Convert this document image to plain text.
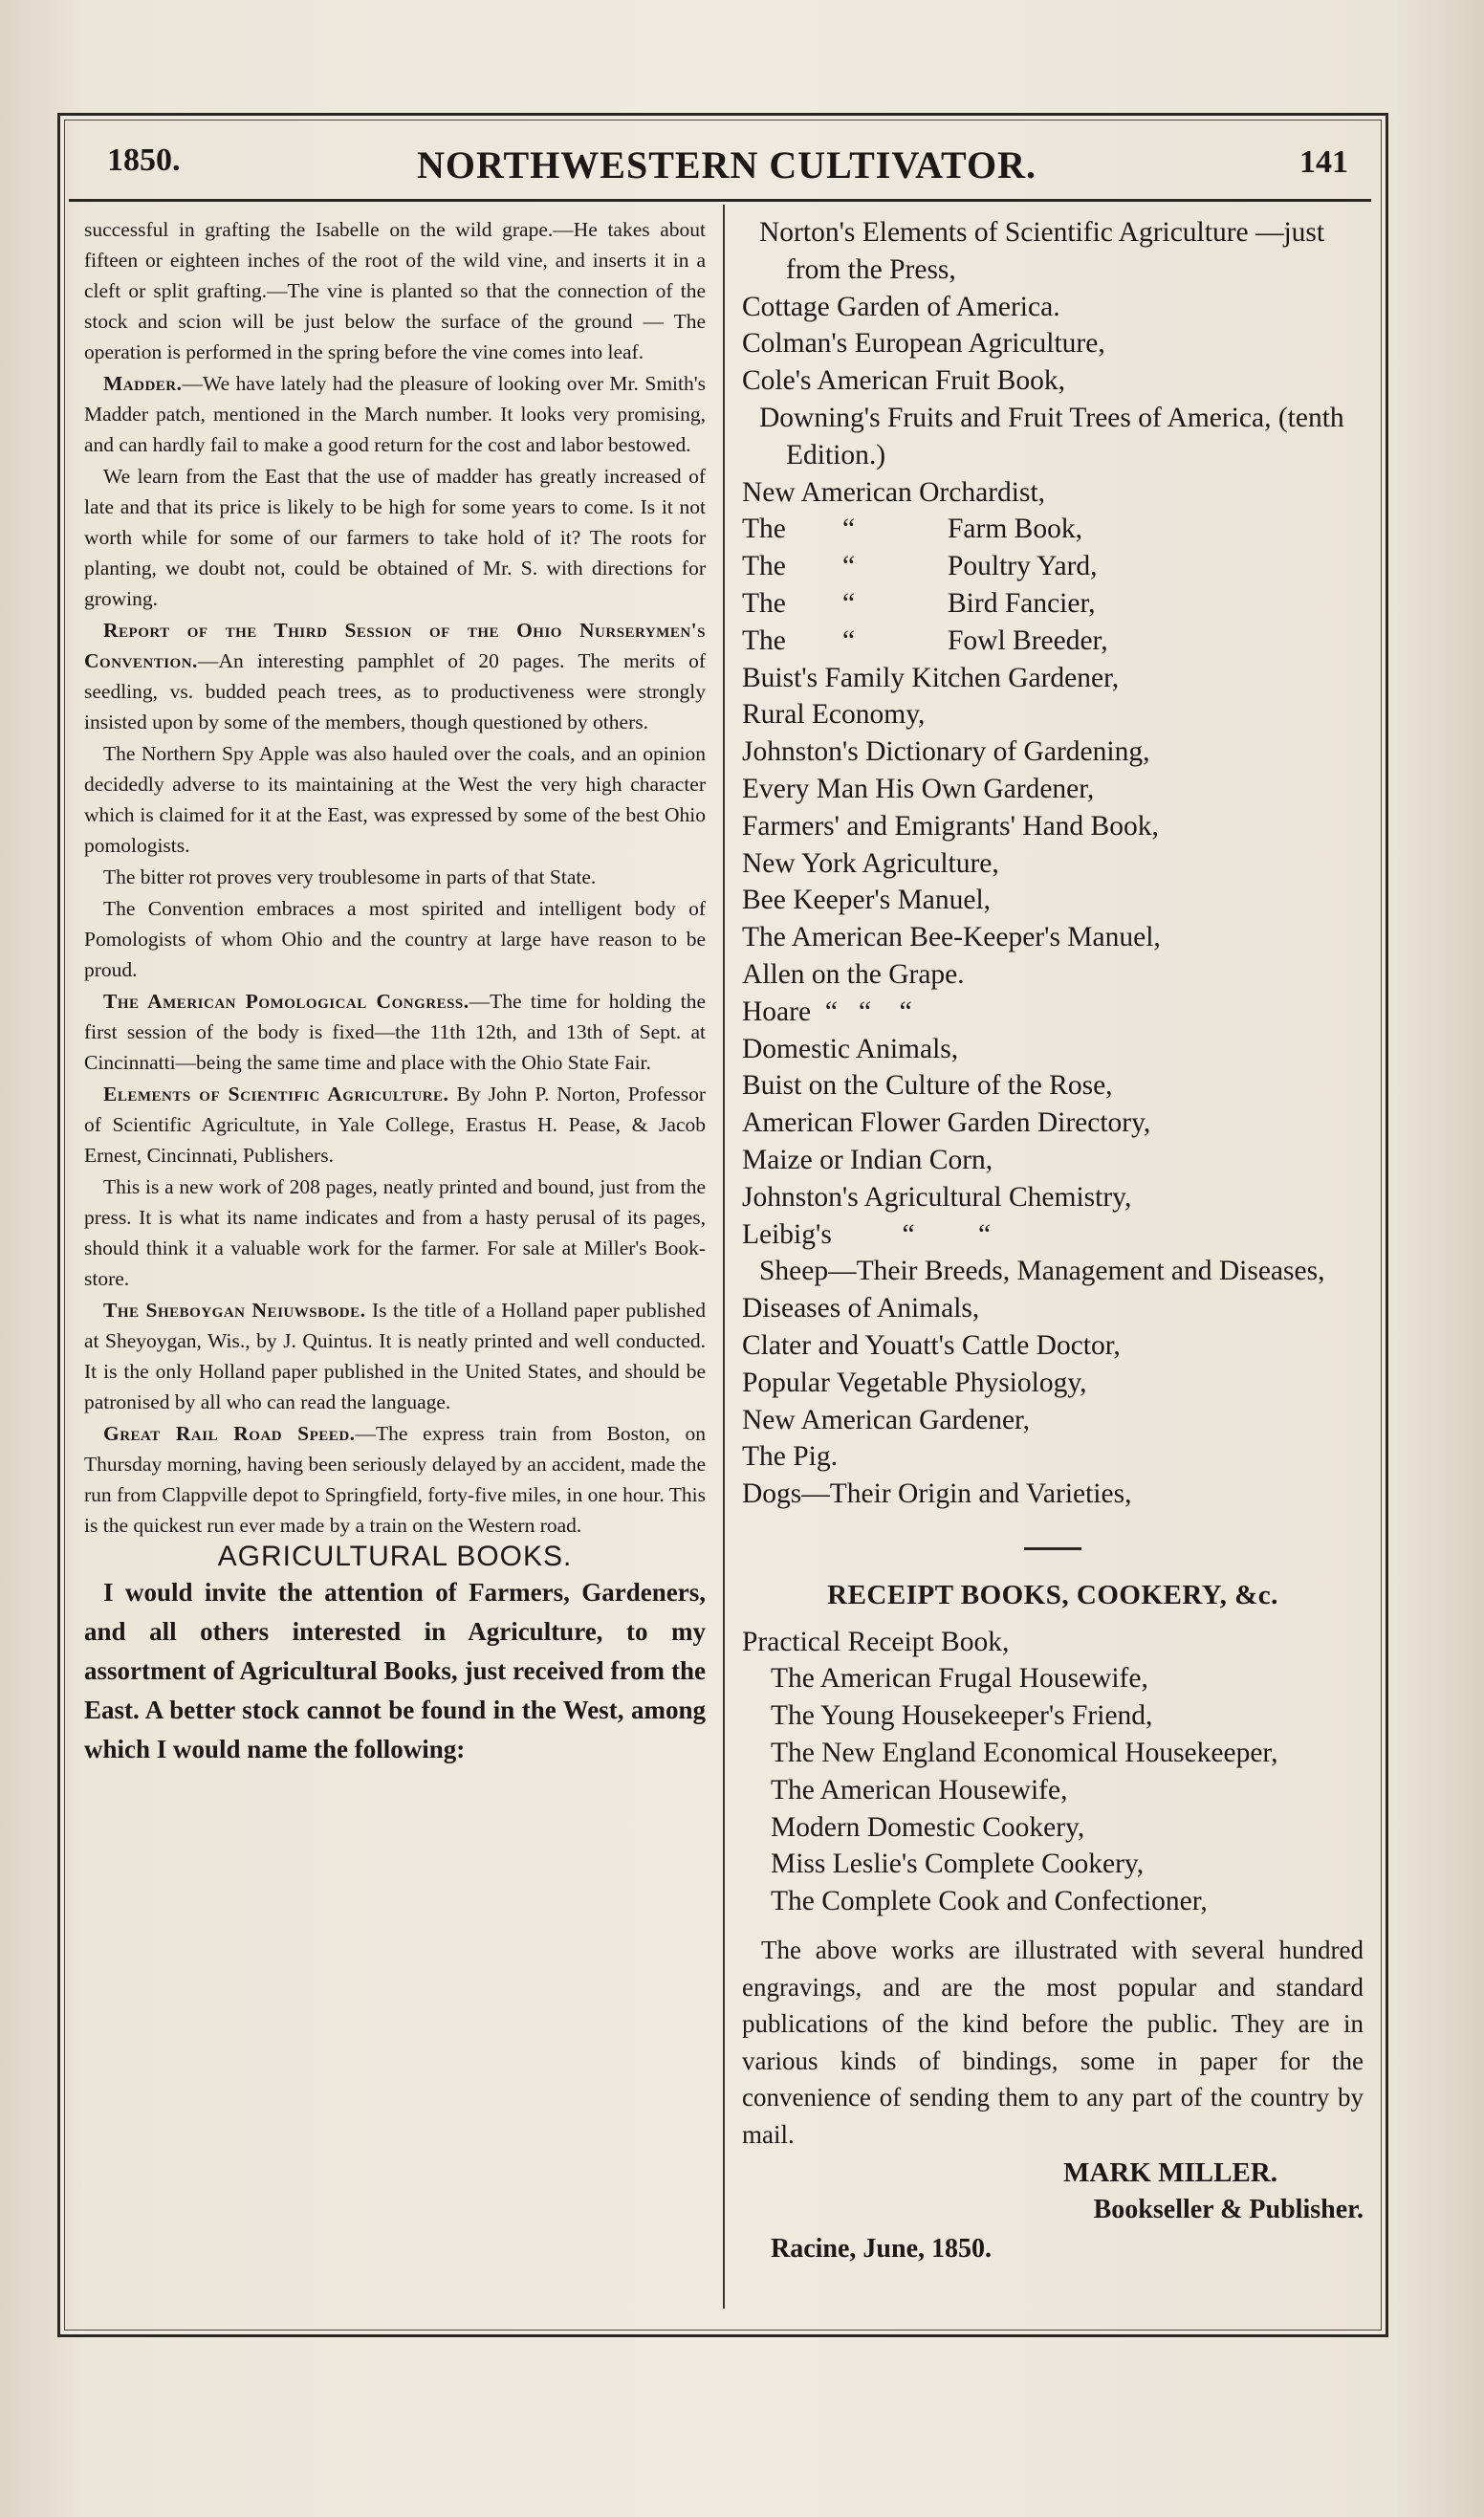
1850.	NORTHWESTERN CULTIVATOR.	141

successful in grafting the Isabelle on the wild grape.—He takes about fifteen or eighteen inches of the root of the wild vine, and inserts it in a cleft or split grafting.—The vine is planted so that the connection of the stock and scion will be just below the surface of the ground — The operation is performed in the spring before the vine comes into leaf.

Madder.—We have lately had the pleasure of looking over Mr. Smith's Madder patch, mentioned in the March number. It looks very promising, and can hardly fail to make a good return for the cost and labor bestowed.

We learn from the East that the use of madder has greatly increased of late and that its price is likely to be high for some years to come. Is it not worth while for some of our farmers to take hold of it? The roots for planting, we doubt not, could be obtained of Mr. S. with directions for growing.

Report of the Third Session of the Ohio Nurserymen's Convention.—An interesting pamphlet of 20 pages. The merits of seedling, vs. budded peach trees, as to productiveness were strongly insisted upon by some of the members, though questioned by others.

The Northern Spy Apple was also hauled over the coals, and an opinion decidedly adverse to its maintaining at the West the very high character which is claimed for it at the East, was expressed by some of the best Ohio pomologists.

The bitter rot proves very troublesome in parts of that State.

The Convention embraces a most spirited and intelligent body of Pomologists of whom Ohio and the country at large have reason to be proud.

The American Pomological Congress.—The time for holding the first session of the body is fixed—the 11th 12th, and 13th of Sept. at Cincinnatti—being the same time and place with the Ohio State Fair.

Elements of Scientific Agriculture. By John P. Norton, Professor of Scientific Agricultute, in Yale College, Erastus H. Pease, & Jacob Ernest, Cincinnati, Publishers.

This is a new work of 208 pages, neatly printed and bound, just from the press. It is what its name indicates and from a hasty perusal of its pages, should think it a valuable work for the farmer. For sale at Miller's Book-store.

The Sheboygan Neiuwsbode. Is the title of a Holland paper published at Sheyoygan, Wis., by J. Quintus. It is neatly printed and well conducted. It is the only Holland paper published in the United States, and should be patronised by all who can read the language.

Great Rail Road Speed.—The express train from Boston, on Thursday morning, having been seriously delayed by an accident, made the run from Clappville depot to Springfield, forty-five miles, in one hour. This is the quickest run ever made by a train on the Western road.

AGRICULTURAL BOOKS.

I would invite the attention of Farmers, Gardeners, and all others interested in Agriculture, to my assortment of Agricultural Books, just received from the East. A better stock cannot be found in the West, among which I would name the following:

Norton's Elements of Scientific Agriculture —just from the Press,

Cottage Garden of America.

Colman's European Agriculture,

Cole's American Fruit Book,

Downing's Fruits and Fruit Trees of America, (tenth Edition.)

New American Orchardist,

The	“	Farm Book,
The	“	Poultry Yard,
The	“	Bird Fancier,
The	“	Fowl Breeder,

Buist's Family Kitchen Gardener,

Rural Economy,

Johnston's Dictionary of Gardening,

Every Man His Own Gardener,

Farmers' and Emigrants' Hand Book,

New York Agriculture,

Bee Keeper's Manuel,

The American Bee-Keeper's Manuel,

Allen on the Grape.

Hoare  “   “    “

Domestic Animals,

Buist on the Culture of the Rose,

American Flower Garden Directory,

Maize or Indian Corn,

Johnston's Agricultural Chemistry,

Leibig's          “         “

Sheep—Their Breeds, Management and Diseases,

Diseases of Animals,

Clater and Youatt's Cattle Doctor,

Popular Vegetable Physiology,

New American Gardener,

The Pig.

Dogs—Their Origin and Varieties,

RECEIPT BOOKS, COOKERY, &c.

Practical Receipt Book,

The American Frugal Housewife,

The Young Housekeeper's Friend,

The New England Economical Housekeeper,

The American Housewife,

Modern Domestic Cookery,

Miss Leslie's Complete Cookery,

The Complete Cook and Confectioner,

The above works are illustrated with several hundred engravings, and are the most popular and standard publications of the kind before the public. They are in various kinds of bindings, some in paper for the convenience of sending them to any part of the country by mail.

MARK MILLER.

Bookseller & Publisher.

Racine, June, 1850.
